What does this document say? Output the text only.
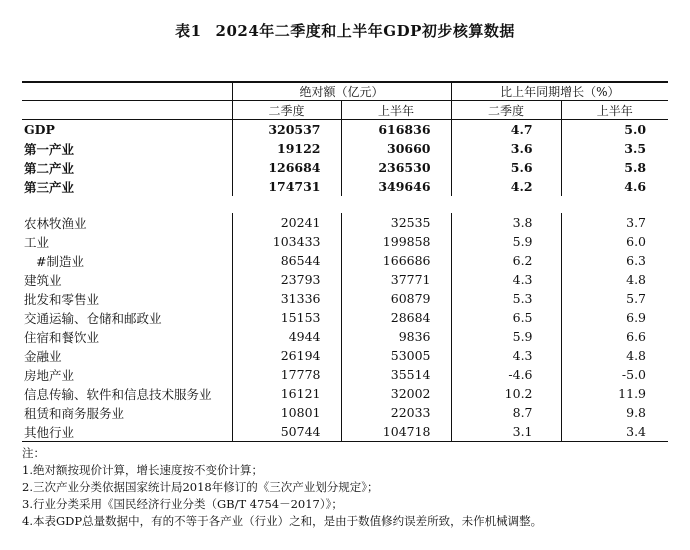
表1 2024年二季度和上半年GDP初步核算数据
	绝对额（亿元）		比上年同期增长（%）	
	二季度	上半年	二季度	上半年
GDP	320537	616836	4.7	5.0
第一产业	19122	30660	3.6	3.5
第二产业	126684	236530	5.6	5.8
第三产业	174731	349646	4.2	4.6

农林牧渔业	20241	32535	3.8	3.7
工业	103433	199858	5.9	6.0
#制造业	86544	166686	6.2	6.3
建筑业	23793	37771	4.3	4.8
批发和零售业	31336	60879	5.3	5.7
交通运输、仓储和邮政业	15153	28684	6.5	6.9
住宿和餐饮业	4944	9836	5.9	6.6
金融业	26194	53005	4.3	4.8
房地产业	17778	35514	-4.6	-5.0
信息传输、软件和信息技术服务业	16121	32002	10.2	11.9
租赁和商务服务业	10801	22033	8.7	9.8
其他行业	50744	104718	3.1	3.4
注：
1.绝对额按现价计算，增长速度按不变价计算；
2.三次产业分类依据国家统计局2018年修订的《三次产业划分规定》；
3.行业分类采用《国民经济行业分类（GB/T 4754－2017）》；
4.本表GDP总量数据中，有的不等于各产业（行业）之和，是由于数值修约误差所致，未作机械调整。
